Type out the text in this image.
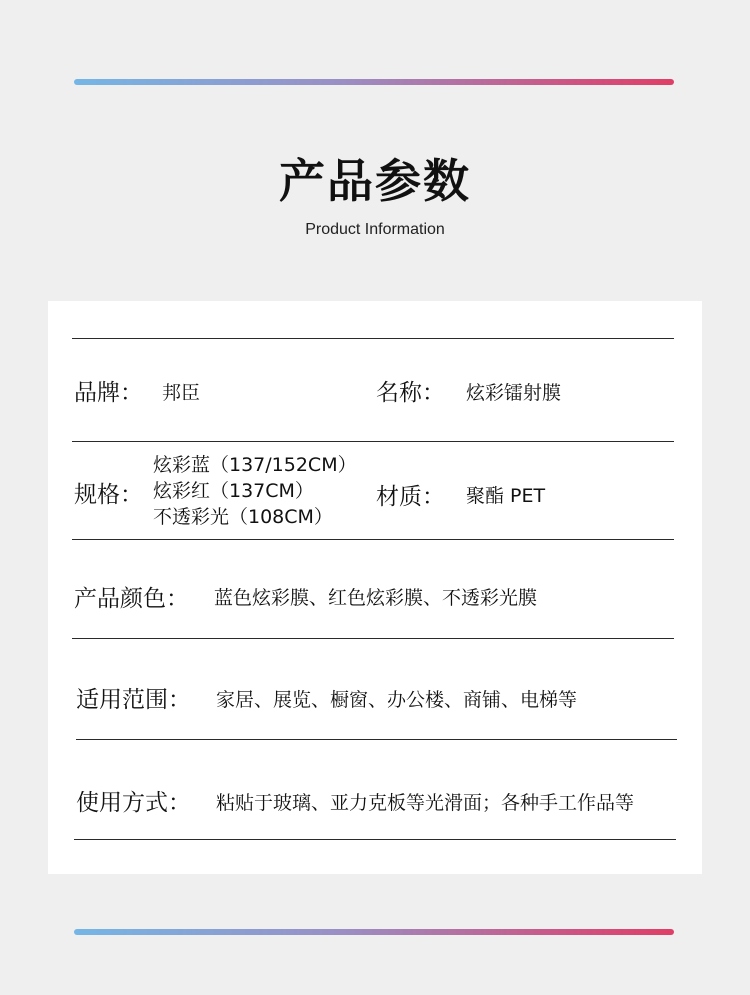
产品参数
Product Information
品牌： 邦臣	名称： 炫彩镭射膜
规格：
炫彩蓝（137/152CM）
炫彩红（137CM）
不透彩光（108CM）
材质： 聚酯 PET
产品颜色： 蓝色炫彩膜、红色炫彩膜、不透彩光膜
适用范围： 家居、展览、橱窗、办公楼、商铺、电梯等
使用方式： 粘贴于玻璃、亚力克板等光滑面；各种手工作品等
